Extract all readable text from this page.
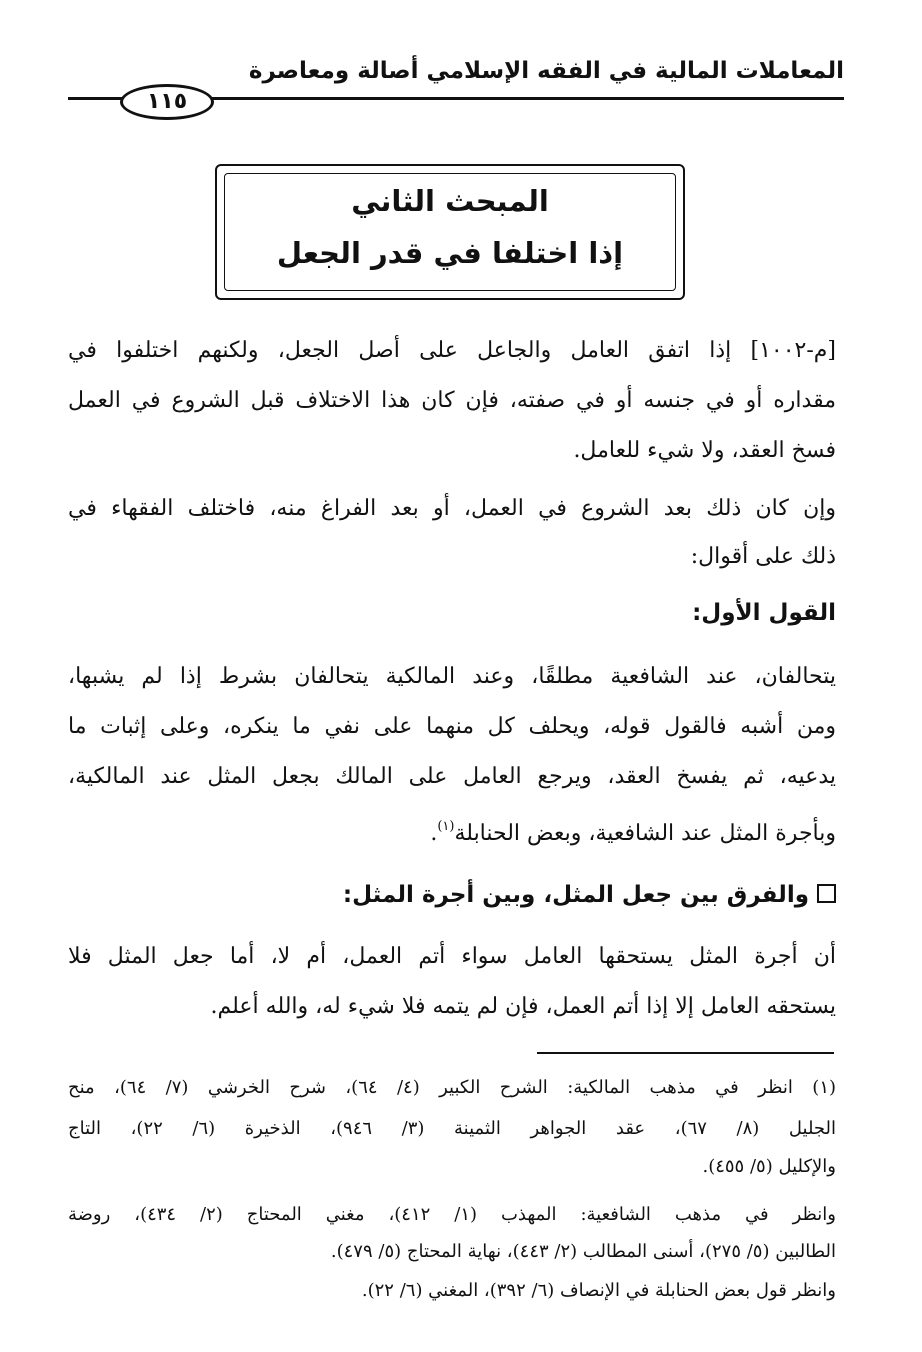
المعاملات المالية في الفقه الإسلامي أصالة ومعاصرة
١١٥
المبحث الثاني
إذا اختلفا في قدر الجعل
[م-١٠٠٢] إذا اتفق العامل والجاعل على أصل الجعل، ولكنهم اختلفوا في
مقداره أو في جنسه أو في صفته، فإن كان هذا الاختلاف قبل الشروع في العمل
فسخ العقد، ولا شيء للعامل.
وإن كان ذلك بعد الشروع في العمل، أو بعد الفراغ منه، فاختلف الفقهاء في
ذلك على أقوال:
القول الأول:
يتحالفان، عند الشافعية مطلقًا، وعند المالكية يتحالفان بشرط إذا لم يشبها،
ومن أشبه فالقول قوله، ويحلف كل منهما على نفي ما ينكره، وعلى إثبات ما
يدعيه، ثم يفسخ العقد، ويرجع العامل على المالك بجعل المثل عند المالكية،
وبأجرة المثل عند الشافعية، وبعض الحنابلة$^{(١)}$.
والفرق بين جعل المثل، وبين أجرة المثل:
أن أجرة المثل يستحقها العامل سواء أتم العمل، أم لا، أما جعل المثل فلا
يستحقه العامل إلا إذا أتم العمل، فإن لم يتمه فلا شيء له، والله أعلم.
(١) انظر في مذهب المالكية: الشرح الكبير (٤/ ٦٤)، شرح الخرشي (٧/ ٦٤)، منح
الجليل (٨/ ٦٧)، عقد الجواهر الثمينة (٣/ ٩٤٦)، الذخيرة (٦/ ٢٢)، التاج
والإكليل (٥/ ٤٥٥).
وانظر في مذهب الشافعية: المهذب (١/ ٤١٢)، مغني المحتاج (٢/ ٤٣٤)، روضة
الطالبين (٥/ ٢٧٥)، أسنى المطالب (٢/ ٤٤٣)، نهاية المحتاج (٥/ ٤٧٩).
وانظر قول بعض الحنابلة في الإنصاف (٦/ ٣٩٢)، المغني (٦/ ٢٢).
